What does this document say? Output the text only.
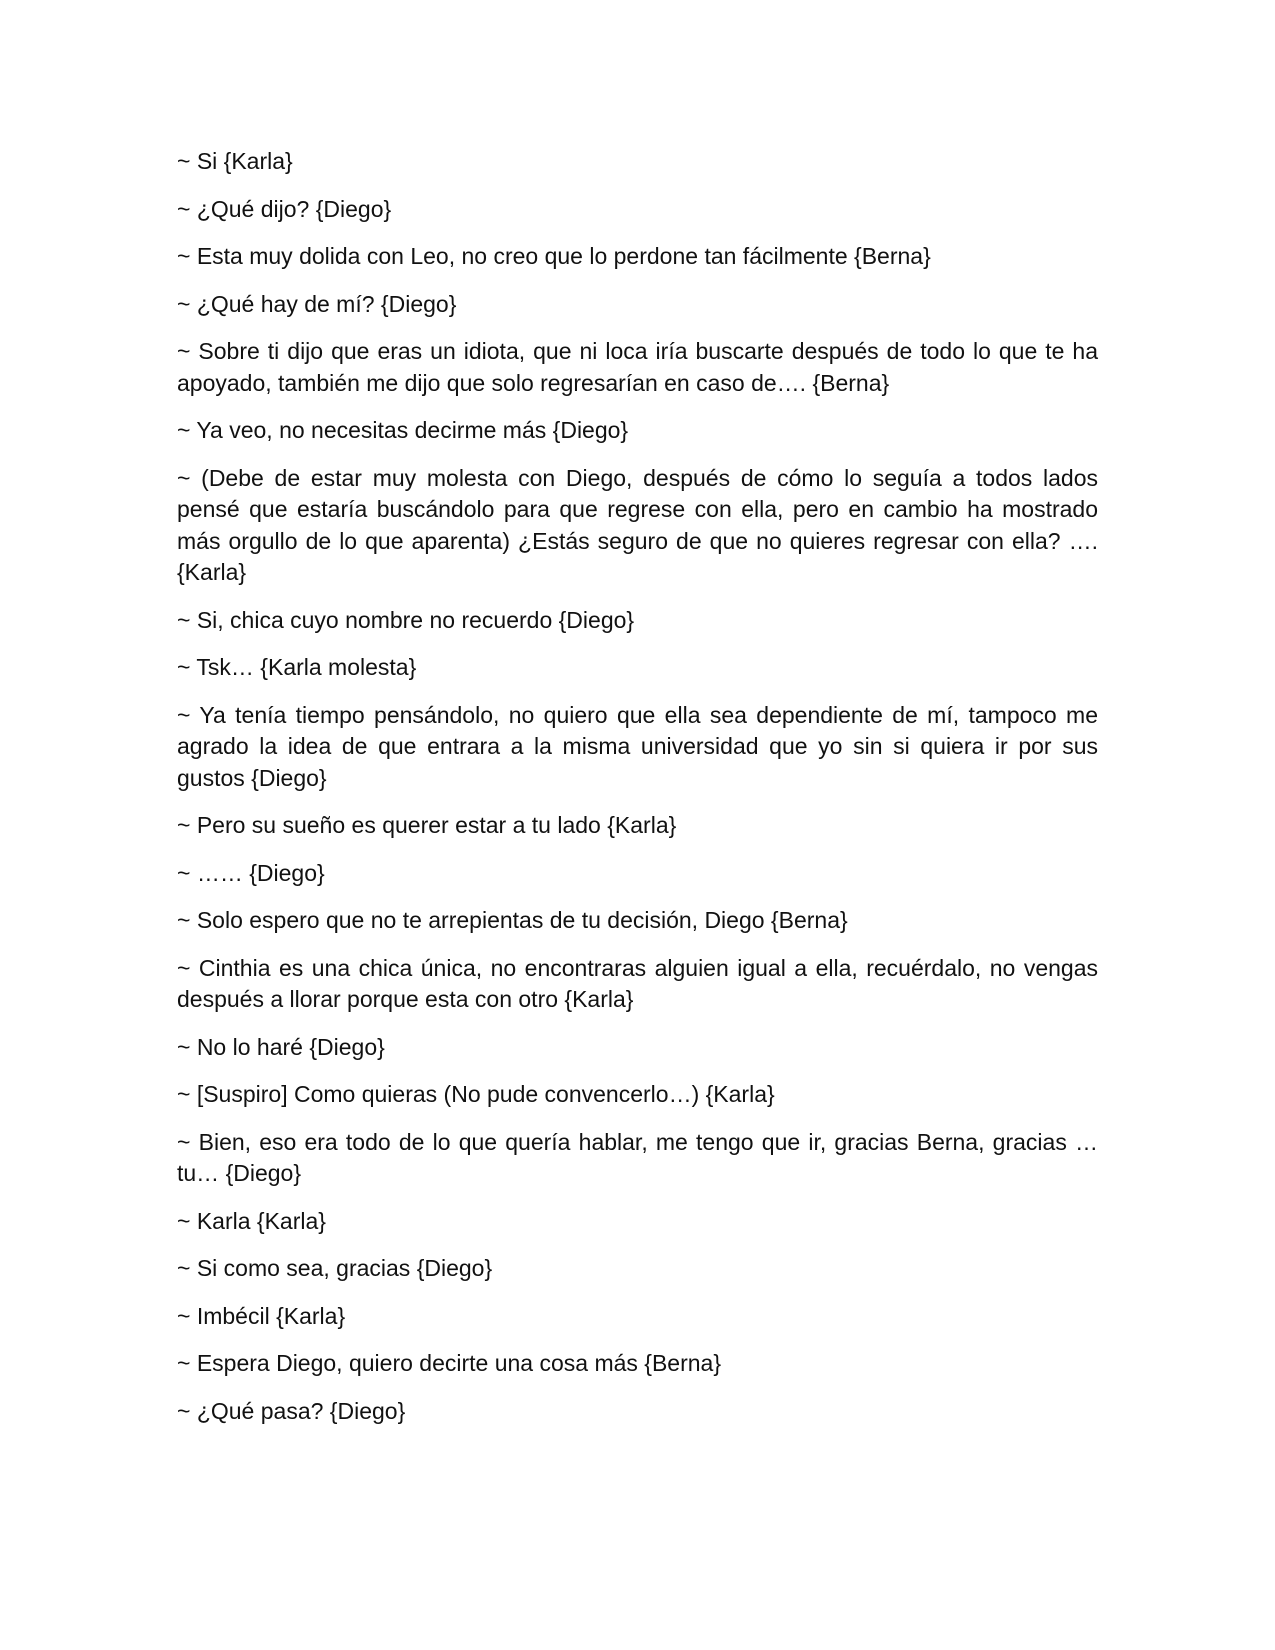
~ Si {Karla}

~ ¿Qué dijo? {Diego}

~ Esta muy dolida con Leo, no creo que lo perdone tan fácilmente {Berna}

~ ¿Qué hay de mí? {Diego}

~ Sobre ti dijo que eras un idiota, que ni loca iría buscarte después de todo lo que te ha apoyado, también me dijo que solo regresarían en caso de…. {Berna}

~ Ya veo, no necesitas decirme más {Diego}

~ (Debe de estar muy molesta con Diego, después de cómo lo seguía a todos lados pensé que estaría buscándolo para que regrese con ella, pero en cambio ha mostrado más orgullo de lo que aparenta) ¿Estás seguro de que no quieres regresar con ella? …. {Karla}

~ Si, chica cuyo nombre no recuerdo {Diego}

~ Tsk… {Karla molesta}

~ Ya tenía tiempo pensándolo, no quiero que ella sea dependiente de mí, tampoco me agrado la idea de que entrara a la misma universidad que yo sin si quiera ir por sus gustos {Diego}

~ Pero su sueño es querer estar a tu lado {Karla}

~ …… {Diego}

~ Solo espero que no te arrepientas de tu decisión, Diego {Berna}

~ Cinthia es una chica única, no encontraras alguien igual a ella, recuérdalo, no vengas después a llorar porque esta con otro {Karla}

~ No lo haré {Diego}

~ [Suspiro] Como quieras (No pude convencerlo…) {Karla}

~ Bien, eso era todo de lo que quería hablar, me tengo que ir, gracias Berna, gracias … tu… {Diego}

~ Karla {Karla}

~ Si como sea, gracias {Diego}

~ Imbécil {Karla}

~ Espera Diego, quiero decirte una cosa más {Berna}

~ ¿Qué pasa? {Diego}
